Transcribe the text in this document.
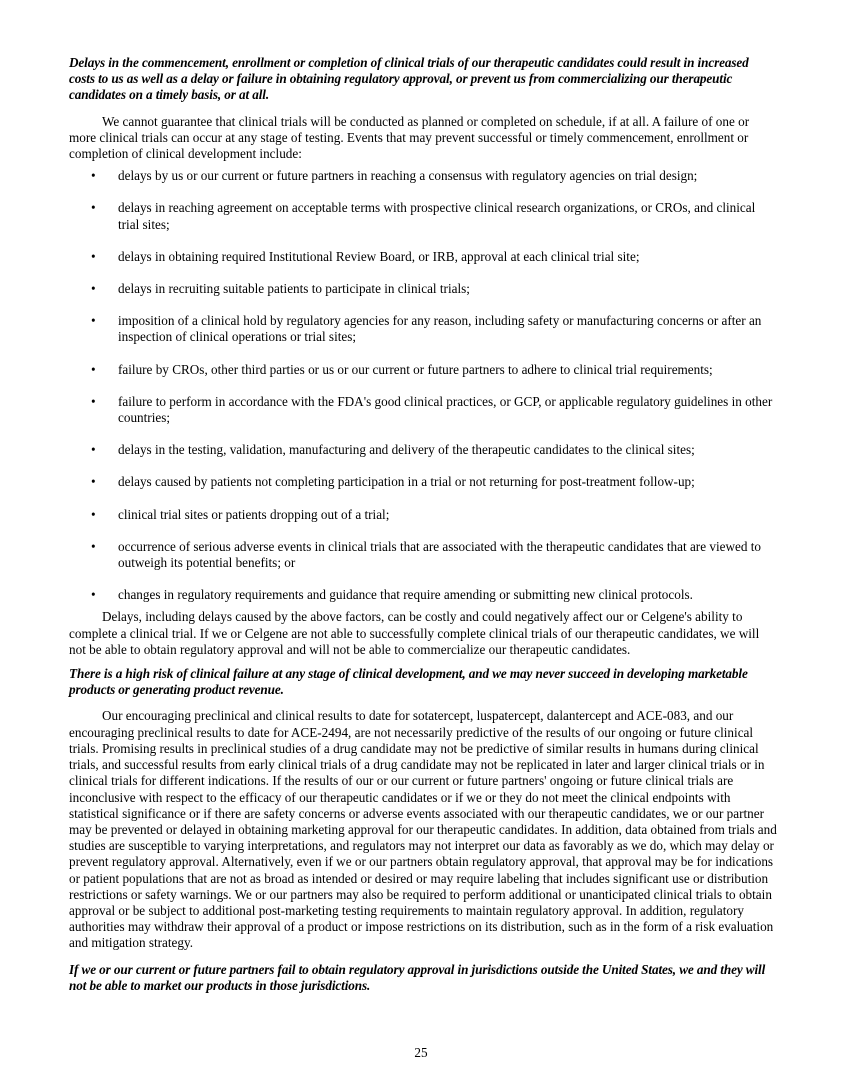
Delays in the commencement, enrollment or completion of clinical trials of our therapeutic candidates could result in increased costs to us as well as a delay or failure in obtaining regulatory approval, or prevent us from commercializing our therapeutic candidates on a timely basis, or at all.

We cannot guarantee that clinical trials will be conducted as planned or completed on schedule, if at all. A failure of one or more clinical trials can occur at any stage of testing. Events that may prevent successful or timely commencement, enrollment or completion of clinical development include:

• delays by us or our current or future partners in reaching a consensus with regulatory agencies on trial design;
• delays in reaching agreement on acceptable terms with prospective clinical research organizations, or CROs, and clinical trial sites;
• delays in obtaining required Institutional Review Board, or IRB, approval at each clinical trial site;
• delays in recruiting suitable patients to participate in clinical trials;
• imposition of a clinical hold by regulatory agencies for any reason, including safety or manufacturing concerns or after an inspection of clinical operations or trial sites;
• failure by CROs, other third parties or us or our current or future partners to adhere to clinical trial requirements;
• failure to perform in accordance with the FDA's good clinical practices, or GCP, or applicable regulatory guidelines in other countries;
• delays in the testing, validation, manufacturing and delivery of the therapeutic candidates to the clinical sites;
• delays caused by patients not completing participation in a trial or not returning for post-treatment follow-up;
• clinical trial sites or patients dropping out of a trial;
• occurrence of serious adverse events in clinical trials that are associated with the therapeutic candidates that are viewed to outweigh its potential benefits; or
• changes in regulatory requirements and guidance that require amending or submitting new clinical protocols.

Delays, including delays caused by the above factors, can be costly and could negatively affect our or Celgene's ability to complete a clinical trial. If we or Celgene are not able to successfully complete clinical trials of our therapeutic candidates, we will not be able to obtain regulatory approval and will not be able to commercialize our therapeutic candidates.

There is a high risk of clinical failure at any stage of clinical development, and we may never succeed in developing marketable products or generating product revenue.

Our encouraging preclinical and clinical results to date for sotatercept, luspatercept, dalantercept and ACE-083, and our encouraging preclinical results to date for ACE-2494, are not necessarily predictive of the results of our ongoing or future clinical trials. Promising results in preclinical studies of a drug candidate may not be predictive of similar results in humans during clinical trials, and successful results from early clinical trials of a drug candidate may not be replicated in later and larger clinical trials or in clinical trials for different indications. If the results of our or our current or future partners' ongoing or future clinical trials are inconclusive with respect to the efficacy of our therapeutic candidates or if we or they do not meet the clinical endpoints with statistical significance or if there are safety concerns or adverse events associated with our therapeutic candidates, we or our partner may be prevented or delayed in obtaining marketing approval for our therapeutic candidates. In addition, data obtained from trials and studies are susceptible to varying interpretations, and regulators may not interpret our data as favorably as we do, which may delay or prevent regulatory approval. Alternatively, even if we or our partners obtain regulatory approval, that approval may be for indications or patient populations that are not as broad as intended or desired or may require labeling that includes significant use or distribution restrictions or safety warnings. We or our partners may also be required to perform additional or unanticipated clinical trials to obtain approval or be subject to additional post-marketing testing requirements to maintain regulatory approval. In addition, regulatory authorities may withdraw their approval of a product or impose restrictions on its distribution, such as in the form of a risk evaluation and mitigation strategy.

If we or our current or future partners fail to obtain regulatory approval in jurisdictions outside the United States, we and they will not be able to market our products in those jurisdictions.

25
